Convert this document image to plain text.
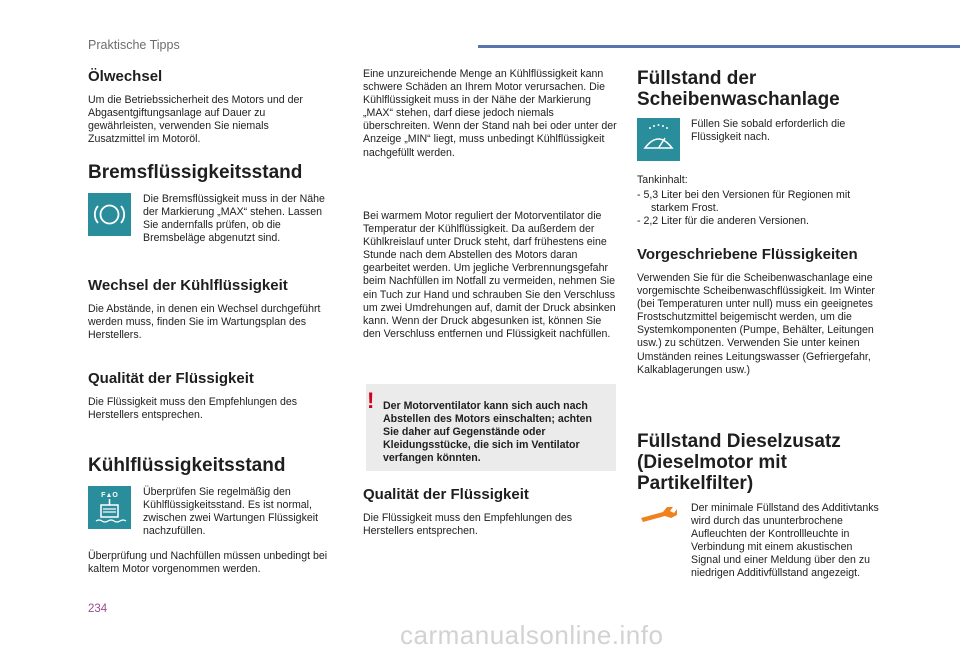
Praktische Tipps
Ölwechsel

Um die Betriebssicherheit des Motors und der Abgasentgiftungsanlage auf Dauer zu gewährleisten, verwenden Sie niemals Zusatzmittel im Motoröl.

Bremsflüssigkeitsstand

Die Bremsflüssigkeit muss in der Nähe der Markierung „MAX“ stehen. Lassen Sie andernfalls prüfen, ob die Bremsbeläge abgenutzt sind.

Wechsel der Kühlflüssigkeit

Die Abstände, in denen ein Wechsel durchgeführt werden muss, finden Sie im Wartungsplan des Herstellers.

Qualität der Flüssigkeit

Die Flüssigkeit muss den Empfehlungen des Herstellers entsprechen.

Kühlflüssigkeitsstand
F▲O Überprüfen Sie regelmäßig den Kühlflüssigkeitsstand. Es ist normal, zwischen zwei Wartungen Flüssigkeit nachzufüllen.

Überprüfung und Nachfüllen müssen unbedingt bei kaltem Motor vorgenommen werden.

Eine unzureichende Menge an Kühlflüssigkeit kann schwere Schäden an Ihrem Motor verursachen. Die Kühlflüssigkeit muss in der Nähe der Markierung „MAX“ stehen, darf diese jedoch niemals überschreiten. Wenn der Stand nah bei oder unter der Anzeige „MIN“ liegt, muss unbedingt Kühlflüssigkeit nachgefüllt werden.

Bei warmem Motor reguliert der Motorventilator die Temperatur der Kühlflüssigkeit. Da außerdem der Kühlkreislauf unter Druck steht, darf frühestens eine Stunde nach dem Abstellen des Motors daran gearbeitet werden. Um jegliche Verbrennungsgefahr beim Nachfüllen im Notfall zu vermeiden, nehmen Sie ein Tuch zur Hand und schrauben Sie den Verschluss um zwei Umdrehungen auf, damit der Druck absinken kann. Wenn der Druck abgesunken ist, können Sie den Verschluss entfernen und Flüssigkeit nachfüllen.

! Der Motorventilator kann sich auch nach Abstellen des Motors einschalten; achten Sie daher auf Gegenstände oder Kleidungsstücke, die sich im Ventilator verfangen könnten.

Qualität der Flüssigkeit

Die Flüssigkeit muss den Empfehlungen des Herstellers entsprechen.

Füllstand der
Scheibenwaschanlage

Füllen Sie sobald erforderlich die Flüssigkeit nach.

Tankinhalt:

- 5,3 Liter bei den Versionen für Regionen mit starkem Frost.
- 2,2 Liter für die anderen Versionen.
Vorgeschriebene Flüssigkeiten

Verwenden Sie für die Scheibenwaschanlage eine vorgemischte Scheibenwaschflüssigkeit. Im Winter (bei Temperaturen unter null) muss ein geeignetes Frostschutzmittel beigemischt werden, um die Systemkomponenten (Pumpe, Behälter, Leitungen usw.) zu schützen. Verwenden Sie unter keinen Umständen reines Leitungswasser (Gefriergefahr, Kalkablagerungen usw.)

Füllstand Dieselzusatz
(Dieselmotor mit
Partikelfilter)

Der minimale Füllstand des Additivtanks wird durch das ununterbrochene Aufleuchten der Kontrollleuchte in Verbindung mit einem akustischen Signal und einer Meldung über den zu niedrigen Additivfüllstand angezeigt.

234
carmanualsonline.info
